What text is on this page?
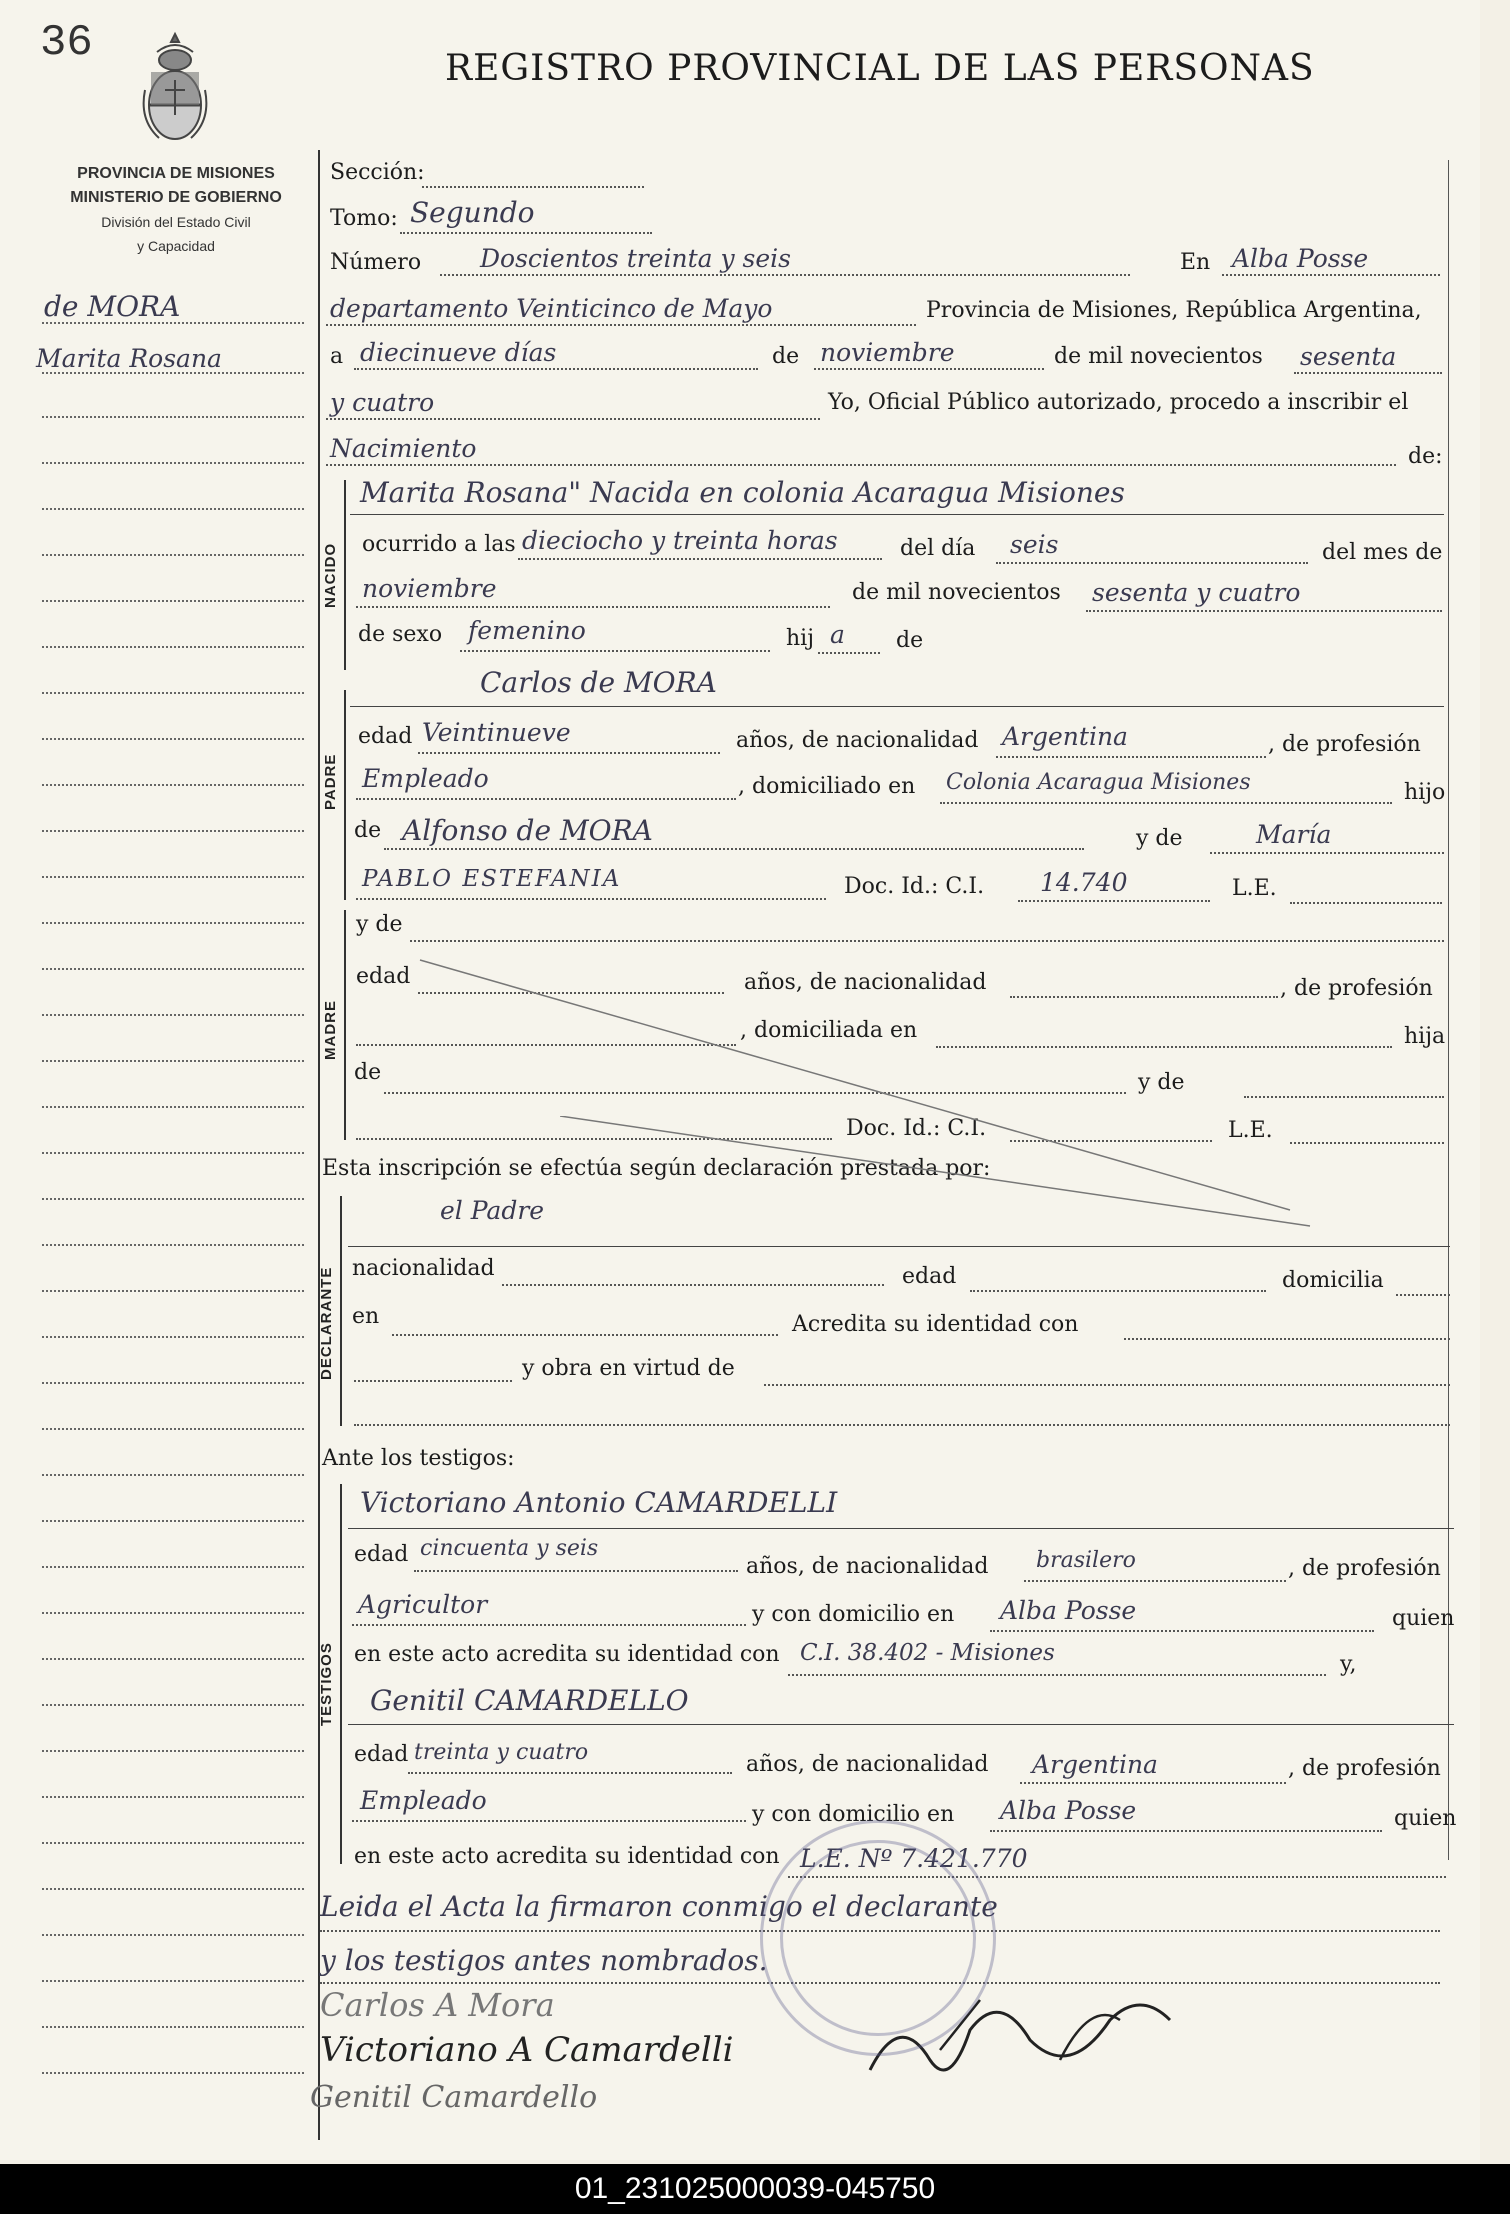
36
REGISTRO PROVINCIAL DE LAS PERSONAS
PROVINCIA DE MISIONES
MINISTERIO DE GOBIERNO
División del Estado Civil
y Capacidad
de MORA
Marita Rosana
Sección:
Tomo: Segundo
Número Doscientos treinta y seis	En Alba Posse
departamento Veinticinco de Mayo	Provincia de Misiones, República Argentina,
a diecinueve días	de noviembre	de mil novecientos sesenta
y cuatro	Yo, Oficial Público autorizado, procedo a inscribir el
Nacimiento	de:
NACIDO
Marita Rosana" Nacida en colonia Acaragua Misiones
ocurrido a las dieciocho y treinta horas	del día seis	del mes de
noviembre	de mil novecientos sesenta y cuatro
de sexo femenino	hij a de
PADRE
Carlos de MORA
edad Veintinueve	años, de nacionalidad Argentina	, de profesión
Empleado	, domiciliado en Colonia Acaragua Misiones	hijo
de Alfonso de MORA	y de	María
PABLO ESTEFANIA	Doc. Id.: C.I. 14.740	L.E.
MADRE
y de
edad	años, de nacionalidad	, de profesión
, domiciliada en	hija
de	y de
Doc. Id.: C.I.	L.E.
Esta inscripción se efectúa según declaración prestada por:
DECLARANTE
el Padre
nacionalidad	edad	domicilia
en	Acredita su identidad con
y obra en virtud de
Ante los testigos:
TESTIGOS
Victoriano Antonio CAMARDELLI
edad cincuenta y seis
años, de nacionalidad brasilero	, de profesión
Agricultor	y con domicilio en Alba Posse	quien
en este acto acredita su identidad con C.I. 38.402 - Misiones	y,
Genitil CAMARDELLO
edad treinta y cuatro	años, de nacionalidad Argentina	, de profesión
Empleado	y con domicilio en Alba Posse	quien
en este acto acredita su identidad con L.E. Nº 7.421.770
Leida el Acta la firmaron conmigo el declarante
y los testigos antes nombrados.
Carlos A Mora
Victoriano A Camardelli
Genitil Camardello
01_231025000039-045750
